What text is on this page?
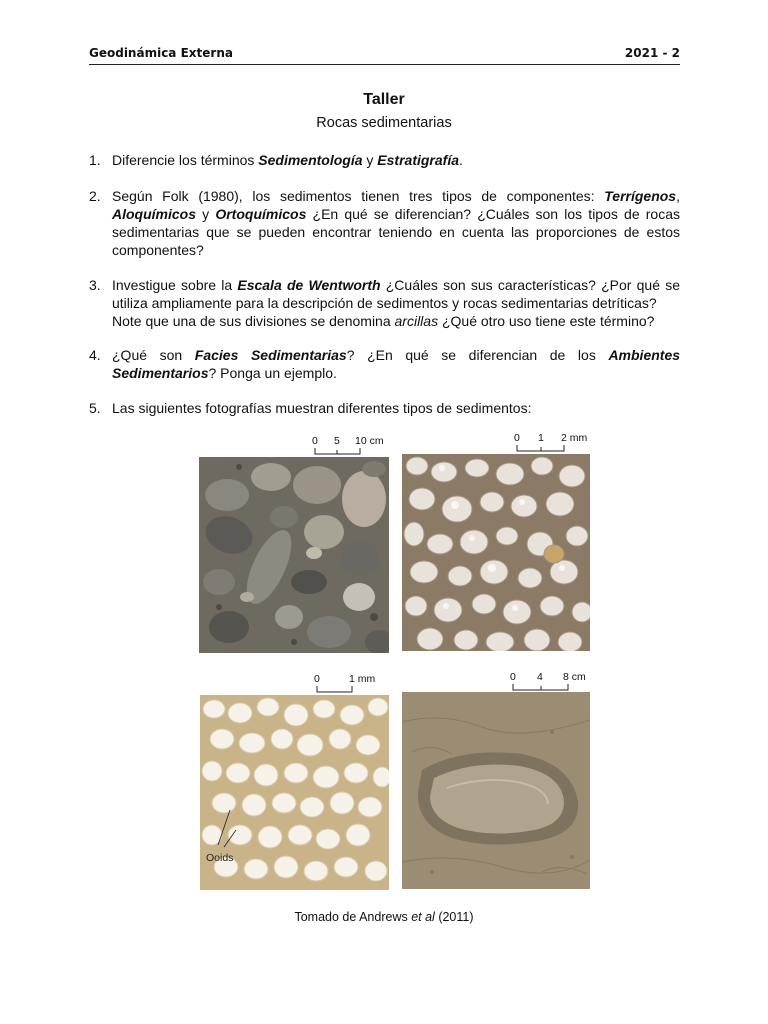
Geodinámica Externa	2021 - 2
Taller
Rocas sedimentarias
1. Diferencie los términos Sedimentología y Estratigrafía.
2. Según Folk (1980), los sedimentos tienen tres tipos de componentes: Terrígenos, Aloquímicos y Ortoquímicos ¿En qué se diferencian? ¿Cuáles son los tipos de rocas sedimentarias que se pueden encontrar teniendo en cuenta las proporciones de estos componentes?
3. Investigue sobre la Escala de Wentworth ¿Cuáles son sus características? ¿Por qué se utiliza ampliamente para la descripción de sedimentos y rocas sedimentarias detríticas?
Note que una de sus divisiones se denomina arcillas ¿Qué otro uso tiene este término?
4. ¿Qué son Facies Sedimentarias? ¿En qué se diferencian de los Ambientes Sedimentarios? Ponga un ejemplo.
5. Las siguientes fotografías muestran diferentes tipos de sedimentos:
0 5 10 cm	0 1 2 mm
0	1 mm	0 4 8 cm
Ooids
Tomado de Andrews et al (2011)
